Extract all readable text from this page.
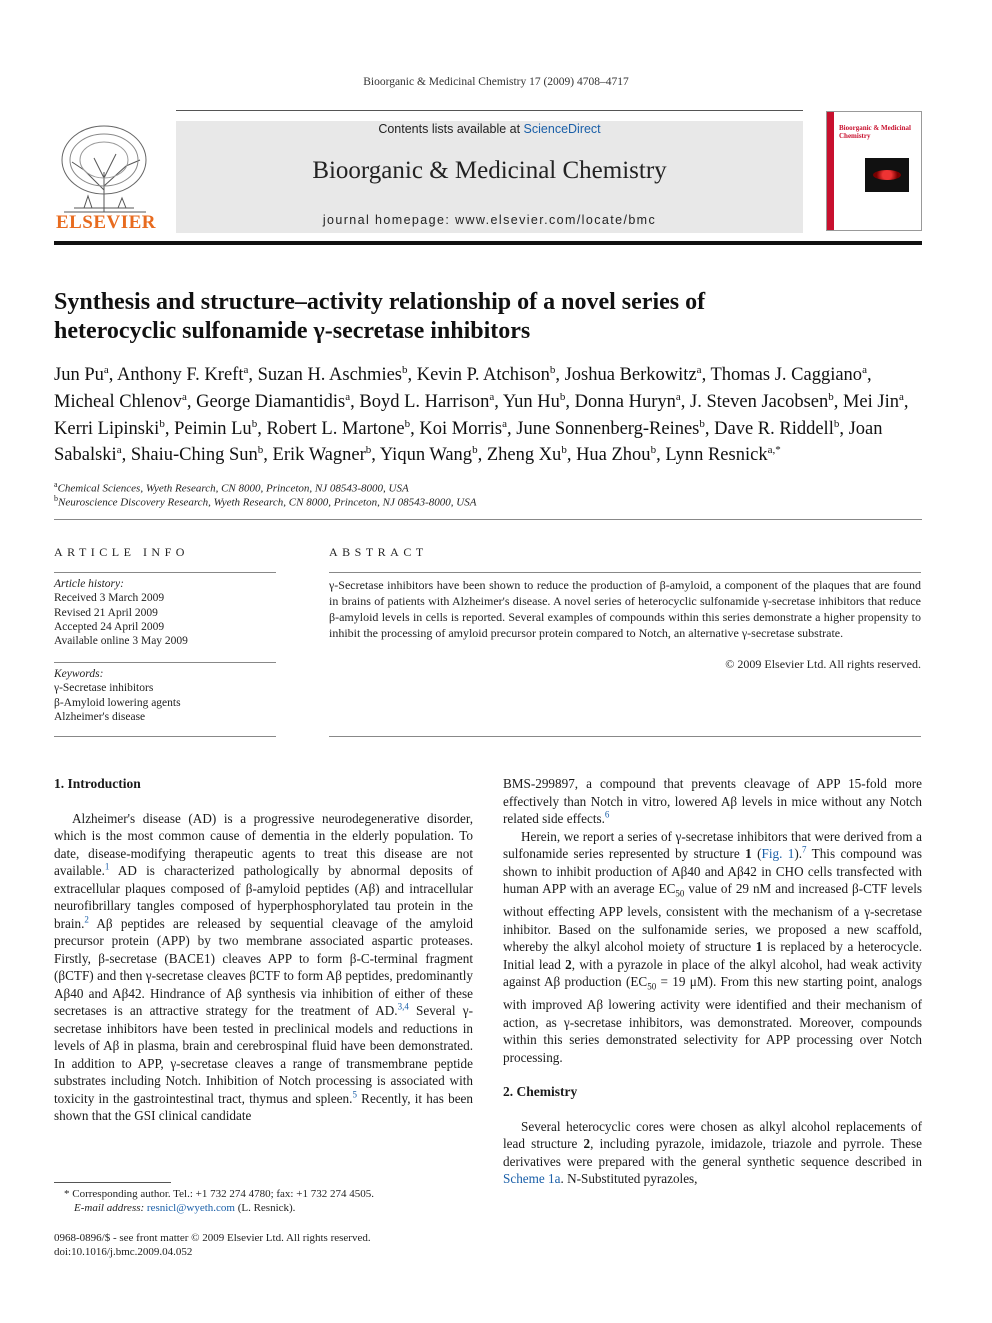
Bioorganic & Medicinal Chemistry 17 (2009) 4708–4717
ELSEVIER
Contents lists available at ScienceDirect
Bioorganic & Medicinal Chemistry
journal homepage: www.elsevier.com/locate/bmc
Bioorganic & Medicinal Chemistry
Synthesis and structure–activity relationship of a novel series of
heterocyclic sulfonamide γ-secretase inhibitors
Jun Pu$^a$, Anthony F. Kreft$^a$, Suzan H. Aschmies$^b$, Kevin P. Atchison$^b$, Joshua Berkowitz$^a$, Thomas J. Caggiano$^a$, Micheal Chlenov$^a$, George Diamantidis$^a$, Boyd L. Harrison$^a$, Yun Hu$^b$, Donna Huryn$^a$, J. Steven Jacobsen$^b$, Mei Jin$^a$, Kerri Lipinski$^b$, Peimin Lu$^b$, Robert L. Martone$^b$, Koi Morris$^a$, June Sonnenberg-Reines$^b$, Dave R. Riddell$^b$, Joan Sabalski$^a$, Shaiu-Ching Sun$^b$, Erik Wagner$^b$, Yiqun Wang$^b$, Zheng Xu$^b$, Hua Zhou$^b$, Lynn Resnick$^{a,*}$
$^a$Chemical Sciences, Wyeth Research, CN 8000, Princeton, NJ 08543-8000, USA
$^b$Neuroscience Discovery Research, Wyeth Research, CN 8000, Princeton, NJ 08543-8000, USA
ARTICLE INFO	ABSTRACT
Article history:
Received 3 March 2009
Revised 21 April 2009
Accepted 24 April 2009
Available online 3 May 2009
Keywords:
γ-Secretase inhibitors
β-Amyloid lowering agents
Alzheimer's disease
γ-Secretase inhibitors have been shown to reduce the production of β-amyloid, a component of the plaques that are found in brains of patients with Alzheimer's disease. A novel series of heterocyclic sulfonamide γ-secretase inhibitors that reduce β-amyloid levels in cells is reported. Several examples of compounds within this series demonstrate a higher propensity to inhibit the processing of amyloid precursor protein compared to Notch, an alternative γ-secretase substrate.
© 2009 Elsevier Ltd. All rights reserved.
1. Introduction

Alzheimer's disease (AD) is a progressive neurodegenerative disorder, which is the most common cause of dementia in the elderly population. To date, disease-modifying therapeutic agents to treat this disease are not available.$^1$ AD is characterized pathologically by abnormal deposits of extracellular plaques composed of β-amyloid peptides (Aβ) and intracellular neurofibrillary tangles composed of hyperphosphorylated tau protein in the brain.$^2$ Aβ peptides are released by sequential cleavage of the amyloid precursor protein (APP) by two membrane associated aspartic proteases. Firstly, β-secretase (BACE1) cleaves APP to form β-C-terminal fragment (βCTF) and then γ-secretase cleaves βCTF to form Aβ peptides, predominantly Aβ40 and Aβ42. Hindrance of Aβ synthesis via inhibition of either of these secretases is an attractive strategy for the treatment of AD.$^{3,4}$ Several γ-secretase inhibitors have been tested in preclinical models and reductions in levels of Aβ in plasma, brain and cerebrospinal fluid have been demonstrated. In addition to APP, γ-secretase cleaves a range of transmembrane peptide substrates including Notch. Inhibition of Notch processing is associated with toxicity in the gastrointestinal tract, thymus and spleen.$^5$ Recently, it has been shown that the GSI clinical candidate

BMS-299897, a compound that prevents cleavage of APP 15-fold more effectively than Notch in vitro, lowered Aβ levels in mice without any Notch related side effects.$^6$

Herein, we report a series of γ-secretase inhibitors that were derived from a sulfonamide series represented by structure 1 (Fig. 1).$^7$ This compound was shown to inhibit production of Aβ40 and Aβ42 in CHO cells transfected with human APP with an average $EC_{50}$ value of 29 nM and increased β-CTF levels without effecting APP levels, consistent with the mechanism of a γ-secretase inhibitor. Based on the sulfonamide series, we proposed a new scaffold, whereby the alkyl alcohol moiety of structure 1 is replaced by a heterocycle. Initial lead 2, with a pyrazole in place of the alkyl alcohol, had weak activity against Aβ production ($EC_{50} = 19$ μM). From this new starting point, analogs with improved Aβ lowering activity were identified and their mechanism of action, as γ-secretase inhibitors, was demonstrated. Moreover, compounds within this series demonstrated selectivity for APP processing over Notch processing.

2. Chemistry

Several heterocyclic cores were chosen as alkyl alcohol replacements of lead structure 2, including pyrazole, imidazole, triazole and pyrrole. These derivatives were prepared with the general synthetic sequence described in Scheme 1a. N-Substituted pyrazoles,

* Corresponding author. Tel.: +1 732 274 4780; fax: +1 732 274 4505.
E-mail address: resnicl@wyeth.com (L. Resnick).
0968-0896/$ - see front matter © 2009 Elsevier Ltd. All rights reserved.
doi:10.1016/j.bmc.2009.04.052
